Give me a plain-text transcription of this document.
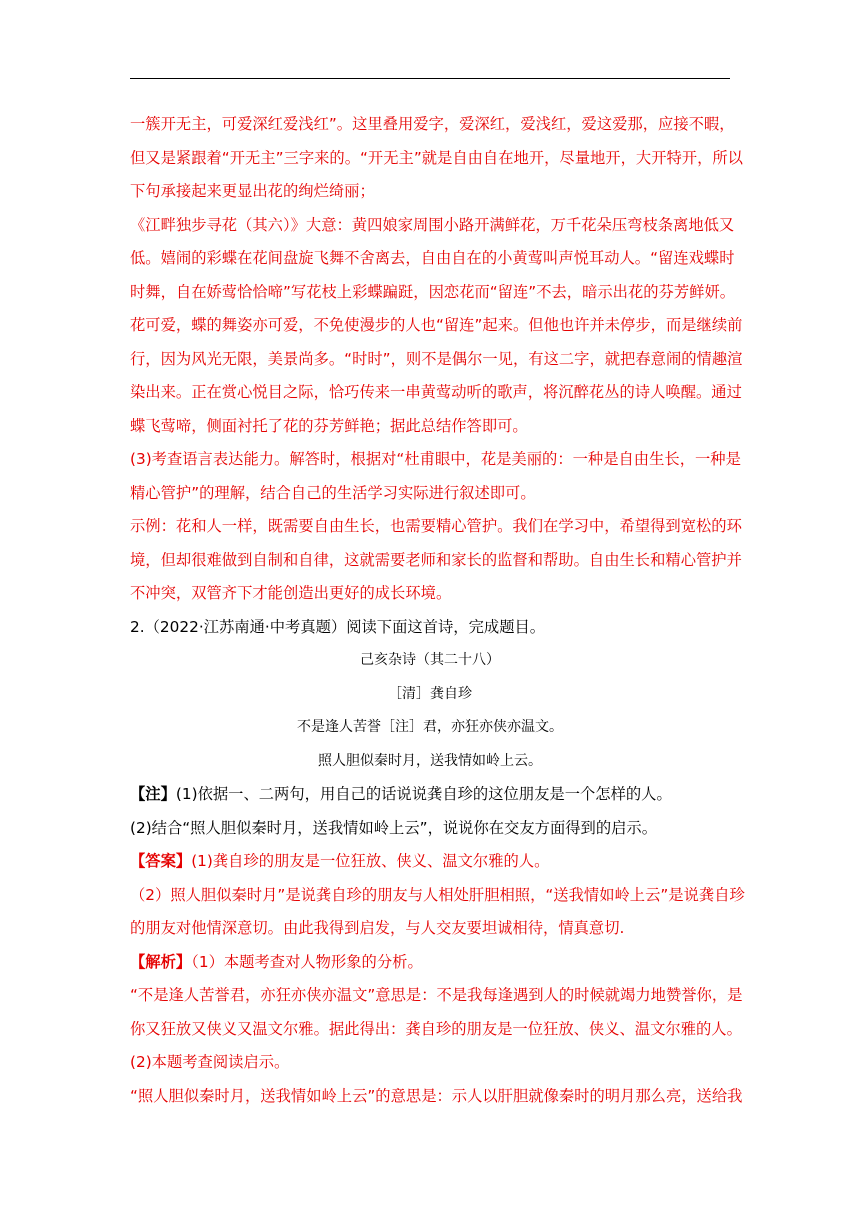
一簇开无主，可爱深红爱浅红”。这里叠用爱字，爱深红，爱浅红，爱这爱那，应接不暇，
但又是紧跟着“开无主”三字来的。“开无主”就是自由自在地开，尽量地开，大开特开，所以
下句承接起来更显出花的绚烂绮丽；
《江畔独步寻花（其六）》大意：黄四娘家周围小路开满鲜花，万千花朵压弯枝条离地低又
低。嬉闹的彩蝶在花间盘旋飞舞不舍离去，自由自在的小黄莺叫声悦耳动人。“留连戏蝶时
时舞，自在娇莺恰恰啼”写花枝上彩蝶蹁跹，因恋花而“留连”不去，暗示出花的芬芳鲜妍。
花可爱，蝶的舞姿亦可爱，不免使漫步的人也“留连”起来。但他也许并未停步，而是继续前
行，因为风光无限，美景尚多。“时时”，则不是偶尔一见，有这二字，就把春意闹的情趣渲
染出来。正在赏心悦目之际，恰巧传来一串黄莺动听的歌声，将沉醉花丛的诗人唤醒。通过
蝶飞莺啼，侧面衬托了花的芬芳鲜艳；据此总结作答即可。
(3)考查语言表达能力。解答时，根据对“杜甫眼中，花是美丽的：一种是自由生长，一种是
精心管护”的理解，结合自己的生活学习实际进行叙述即可。
示例：花和人一样，既需要自由生长，也需要精心管护。我们在学习中，希望得到宽松的环
境，但却很难做到自制和自律，这就需要老师和家长的监督和帮助。自由生长和精心管护并
不冲突，双管齐下才能创造出更好的成长环境。
2.（2022·江苏南通·中考真题）阅读下面这首诗，完成题目。
己亥杂诗（其二十八）
［清］龚自珍
不是逢人苦誉［注］君，亦狂亦侠亦温文。
照人胆似秦时月，送我情如岭上云。
【注】(1)依据一、二两句，用自己的话说说龚自珍的这位朋友是一个怎样的人。
(2)结合“照人胆似秦时月，送我情如岭上云”，说说你在交友方面得到的启示。
【答案】(1)龚自珍的朋友是一位狂放、侠义、温文尔雅的人。
（2）照人胆似秦时月”是说龚自珍的朋友与人相处肝胆相照，“送我情如岭上云”是说龚自珍
的朋友对他情深意切。由此我得到启发，与人交友要坦诚相待，情真意切.
【解析】（1）本题考查对人物形象的分析。
“不是逢人苦誉君，亦狂亦侠亦温文”意思是：不是我每逢遇到人的时候就竭力地赞誉你，是
你又狂放又侠义又温文尔雅。据此得出：龚自珍的朋友是一位狂放、侠义、温文尔雅的人。
(2)本题考查阅读启示。
“照人胆似秦时月，送我情如岭上云”的意思是：示人以肝胆就像秦时的明月那么亮，送给我
